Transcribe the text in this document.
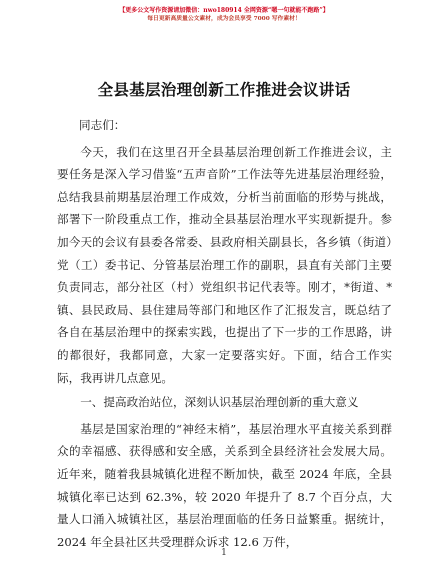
【更多公文写作资源请加微信：nwo180914 全网资源“嗯一句就能不跑路”】
每日更新高质量公文素材，成为会员享受 7000 写作素材！
全县基层治理创新工作推进会议讲话

同志们：

今天，我们在这里召开全县基层治理创新工作推进会议，主要任务是深入学习借鉴“五声音阶”工作法等先进基层治理经验，总结我县前期基层治理工作成效，分析当前面临的形势与挑战，部署下一阶段重点工作，推动全县基层治理水平实现新提升。参加今天的会议有县委各常委、县政府相关副县长，各乡镇（街道）党（工）委书记、分管基层治理工作的副职，县直有关部门主要负责同志，部分社区（村）党组织书记代表等。刚才，*街道、*镇、县民政局、县住建局等部门和地区作了汇报发言，既总结了各自在基层治理中的探索实践，也提出了下一步的工作思路，讲的都很好，我都同意，大家一定要落实好。下面，结合工作实际，我再讲几点意见。

一、提高政治站位，深刻认识基层治理创新的重大意义

基层是国家治理的“神经末梢”，基层治理水平直接关系到群众的幸福感、获得感和安全感，关系到全县经济社会发展大局。近年来，随着我县城镇化进程不断加快，截至 2024 年底，全县城镇化率已达到 62.3%，较 2020 年提升了 8.7 个百分点，大量人口涌入城镇社区，基层治理面临的任务日益繁重。据统计，2024 年全县社区共受理群众诉求 12.6 万件，

1
